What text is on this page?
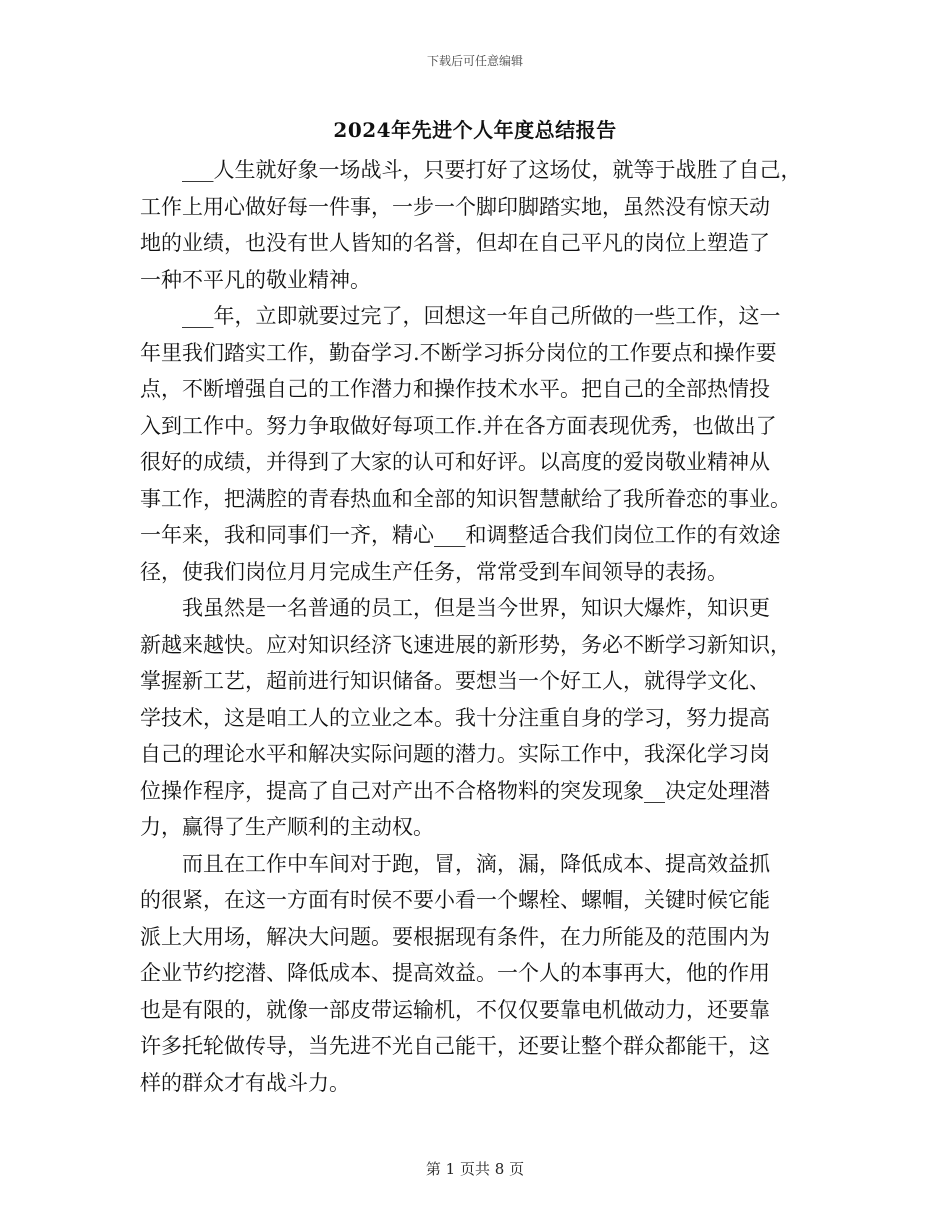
下载后可任意编辑
2024年先进个人年度总结报告
　　___人生就好象一场战斗，只要打好了这场仗，就等于战胜了自己，
工作上用心做好每一件事，一步一个脚印脚踏实地，虽然没有惊天动
地的业绩，也没有世人皆知的名誉，但却在自己平凡的岗位上塑造了
一种不平凡的敬业精神。
　　___年，立即就要过完了，回想这一年自己所做的一些工作，这一
年里我们踏实工作，勤奋学习.不断学习拆分岗位的工作要点和操作要
点，不断增强自己的工作潜力和操作技术水平。把自己的全部热情投
入到工作中。努力争取做好每项工作.并在各方面表现优秀，也做出了
很好的成绩，并得到了大家的认可和好评。以高度的爱岗敬业精神从
事工作，把满腔的青春热血和全部的知识智慧献给了我所眷恋的事业。
一年来，我和同事们一齐，精心___和调整适合我们岗位工作的有效途
径，使我们岗位月月完成生产任务，常常受到车间领导的表扬。
　　我虽然是一名普通的员工，但是当今世界，知识大爆炸，知识更
新越来越快。应对知识经济飞速进展的新形势，务必不断学习新知识，
掌握新工艺，超前进行知识储备。要想当一个好工人，就得学文化、
学技术，这是咱工人的立业之本。我十分注重自身的学习，努力提高
自己的理论水平和解决实际问题的潜力。实际工作中，我深化学习岗
位操作程序，提高了自己对产出不合格物料的突发现象__决定处理潜
力，赢得了生产顺利的主动权。
　　而且在工作中车间对于跑，冒，滴，漏，降低成本、提高效益抓
的很紧，在这一方面有时侯不要小看一个螺栓、螺帽，关键时候它能
派上大用场，解决大问题。要根据现有条件，在力所能及的范围内为
企业节约挖潜、降低成本、提高效益。一个人的本事再大，他的作用
也是有限的，就像一部皮带运输机，不仅仅要靠电机做动力，还要靠
许多托轮做传导，当先进不光自己能干，还要让整个群众都能干，这
样的群众才有战斗力。
第 1 页共 8 页
